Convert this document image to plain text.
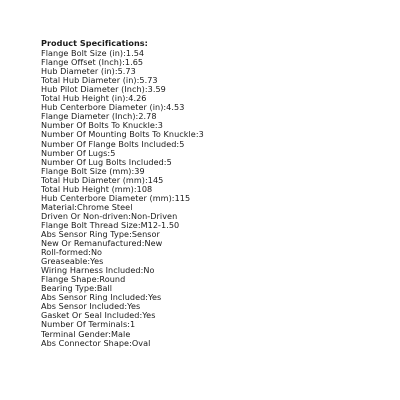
Product Specifications:
Flange Bolt Size (in):1.54
Flange Offset (Inch):1.65
Hub Diameter (in):5.73
Total Hub Diameter (in):5.73
Hub Pilot Diameter (Inch):3.59
Total Hub Height (in):4.26
Hub Centerbore Diameter (in):4.53
Flange Diameter (Inch):2.78
Number Of Bolts To Knuckle:3
Number Of Mounting Bolts To Knuckle:3
Number Of Flange Bolts Included:5
Number Of Lugs:5
Number Of Lug Bolts Included:5
Flange Bolt Size (mm):39
Total Hub Diameter (mm):145
Total Hub Height (mm):108
Hub Centerbore Diameter (mm):115
Material:Chrome Steel
Driven Or Non-driven:Non-Driven
Flange Bolt Thread Size:M12-1.50
Abs Sensor Ring Type:Sensor
New Or Remanufactured:New
Roll-formed:No
Greaseable:Yes
Wiring Harness Included:No
Flange Shape:Round
Bearing Type:Ball
Abs Sensor Ring Included:Yes
Abs Sensor Included:Yes
Gasket Or Seal Included:Yes
Number Of Terminals:1
Terminal Gender:Male
Abs Connector Shape:Oval
